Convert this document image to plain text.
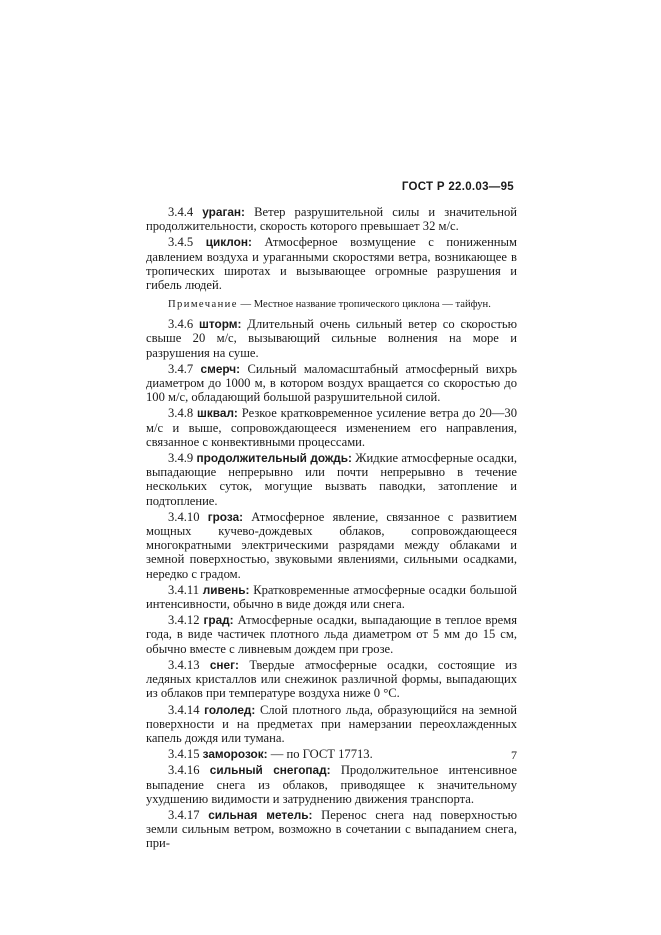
ГОСТ Р 22.0.03—95

3.4.4 ураган: Ветер разрушительной силы и значительной продолжительности, скорость которого превышает 32 м/с.

3.4.5 циклон: Атмосферное возмущение с пониженным давлением воздуха и ураганными скоростями ветра, возникающее в тропических широтах и вызывающее огромные разрушения и гибель людей.

Примечание — Местное название тропического циклона — тайфун.

3.4.6 шторм: Длительный очень сильный ветер со скоростью свыше 20 м/с, вызывающий сильные волнения на море и разрушения на суше.

3.4.7 смерч: Сильный маломасштабный атмосферный вихрь диаметром до 1000 м, в котором воздух вращается со скоростью до 100 м/с, обладающий большой разрушительной силой.

3.4.8 шквал: Резкое кратковременное усиление ветра до 20—30 м/с и выше, сопровождающееся изменением его направления, связанное с конвективными процессами.

3.4.9 продолжительный дождь: Жидкие атмосферные осадки, выпадающие непрерывно или почти непрерывно в течение нескольких суток, могущие вызвать паводки, затопление и подтопление.

3.4.10 гроза: Атмосферное явление, связанное с развитием мощных кучево-дождевых облаков, сопровождающееся многократными электрическими разрядами между облаками и земной поверхностью, звуковыми явлениями, сильными осадками, нередко с градом.

3.4.11 ливень: Кратковременные атмосферные осадки большой интенсивности, обычно в виде дождя или снега.

3.4.12 град: Атмосферные осадки, выпадающие в теплое время года, в виде частичек плотного льда диаметром от 5 мм до 15 см, обычно вместе с ливневым дождем при грозе.

3.4.13 снег: Твердые атмосферные осадки, состоящие из ледяных кристаллов или снежинок различной формы, выпадающих из облаков при температуре воздуха ниже 0 °С.

3.4.14 гололед: Слой плотного льда, образующийся на земной поверхности и на предметах при намерзании переохлажденных капель дождя или тумана.

3.4.15 заморозок: — по ГОСТ 17713.

3.4.16 сильный снегопад: Продолжительное интенсивное выпадение снега из облаков, приводящее к значительному ухудшению видимости и затруднению движения транспорта.

3.4.17 сильная метель: Перенос снега над поверхностью земли сильным ветром, возможно в сочетании с выпаданием снега, при-

7
